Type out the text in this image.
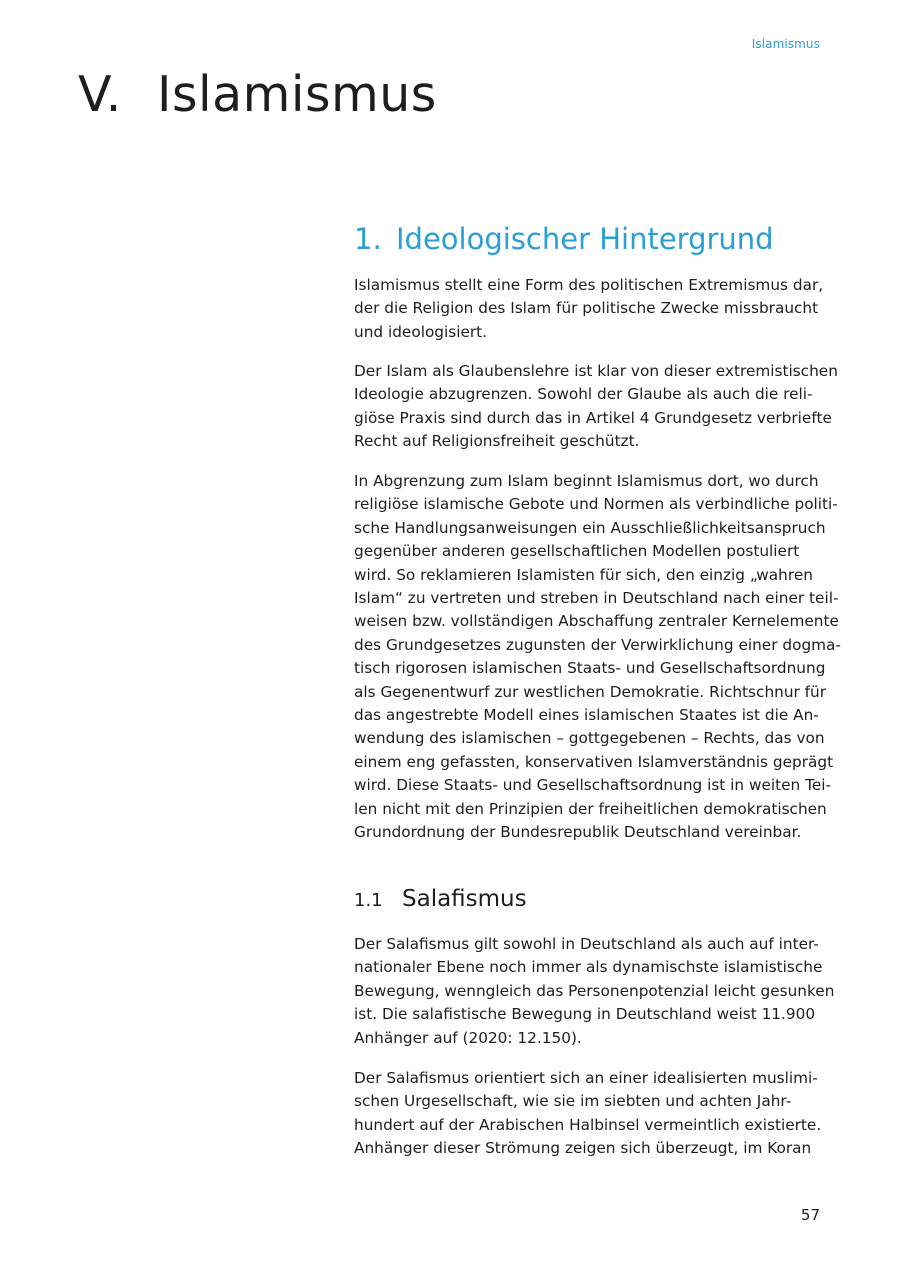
Islamismus
V. Islamismus
1. Ideologischer Hintergrund

Islamismus stellt eine Form des politischen Extremismus dar,
der die Religion des Islam für politische Zwecke missbraucht
und ideologisiert.

Der Islam als Glaubenslehre ist klar von dieser extremistischen
Ideologie abzugrenzen. Sowohl der Glaube als auch die reli-
giöse Praxis sind durch das in Artikel 4 Grundgesetz verbriefte
Recht auf Religionsfreiheit geschützt.

In Abgrenzung zum Islam beginnt Islamismus dort, wo durch
religiöse islamische Gebote und Normen als verbindliche politi-
sche Handlungsanweisungen ein Ausschließlichkeitsanspruch
gegenüber anderen gesellschaftlichen Modellen postuliert
wird. So reklamieren Islamisten für sich, den einzig „wahren
Islam“ zu vertreten und streben in Deutschland nach einer teil-
weisen bzw. vollständigen Abschaffung zentraler Kernelemente
des Grundgesetzes zugunsten der Verwirklichung einer dogma-
tisch rigorosen islamischen Staats- und Gesellschaftsordnung
als Gegenentwurf zur westlichen Demokratie. Richtschnur für
das angestrebte Modell eines islamischen Staates ist die An-
wendung des islamischen – gottgegebenen – Rechts, das von
einem eng gefassten, konservativen Islamverständnis geprägt
wird. Diese Staats- und Gesellschaftsordnung ist in weiten Tei-
len nicht mit den Prinzipien der freiheitlichen demokratischen
Grundordnung der Bundesrepublik Deutschland vereinbar.

1.1 Salafismus

Der Salafismus gilt sowohl in Deutschland als auch auf inter-
nationaler Ebene noch immer als dynamischste islamistische
Bewegung, wenngleich das Personenpotenzial leicht gesunken
ist. Die salafistische Bewegung in Deutschland weist 11.900
Anhänger auf (2020: 12.150).

Der Salafismus orientiert sich an einer idealisierten muslimi-
schen Urgesellschaft, wie sie im siebten und achten Jahr-
hundert auf der Arabischen Halbinsel vermeintlich existierte.
Anhänger dieser Strömung zeigen sich überzeugt, im Koran

57
